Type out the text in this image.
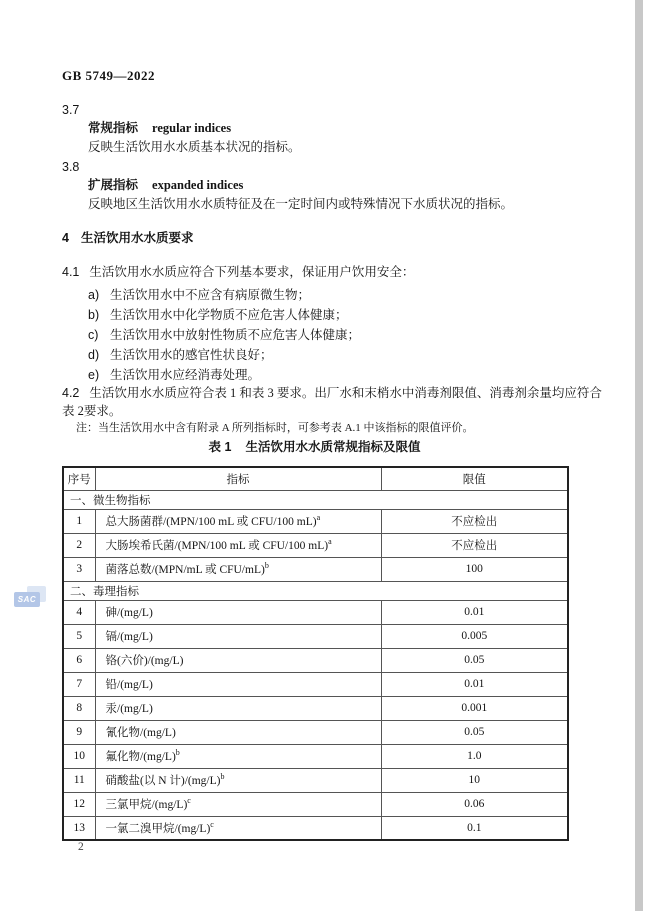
SAC
GB 5749—2022
3.7
常规指标 regular indices
反映生活饮用水水质基本状况的指标。
3.8
扩展指标 expanded indices
反映地区生活饮用水水质特征及在一定时间内或特殊情况下水质状况的指标。
4 生活饮用水水质要求
4.1 生活饮用水水质应符合下列基本要求，保证用户饮用安全：
a) 生活饮用水中不应含有病原微生物；
b) 生活饮用水中化学物质不应危害人体健康；
c) 生活饮用水中放射性物质不应危害人体健康；
d) 生活饮用水的感官性状良好；
e) 生活饮用水应经消毒处理。
4.2 生活饮用水水质应符合表 1 和表 3 要求。出厂水和末梢水中消毒剂限值、消毒剂余量均应符合
表 2要求。
注：当生活饮用水中含有附录 A 所列指标时，可参考表 A.1 中该指标的限值评价。
表 1 生活饮用水水质常规指标及限值
序号	指标	限值
一、微生物指标		
1	总大肠菌群/(MPN/100 mL 或 CFU/100 mL)$^a$	不应检出
2	大肠埃希氏菌/(MPN/100 mL 或 CFU/100 mL)$^a$	不应检出
3	菌落总数/(MPN/mL 或 CFU/mL)$^b$	100
二、毒理指标		
4	砷/(mg/L)	0.01
5	镉/(mg/L)	0.005
6	铬(六价)/(mg/L)	0.05
7	铅/(mg/L)	0.01
8	汞/(mg/L)	0.001
9	氰化物/(mg/L)	0.05
10	氟化物$/(mg/L)^b$	1.0
11	硝酸盐(以 N 计)$/(mg/L)^b$	10
12	三氯甲烷$/(mg/L)^c$	0.06
13	一氯二溴甲烷$/(mg/L)^c$	0.1
2
